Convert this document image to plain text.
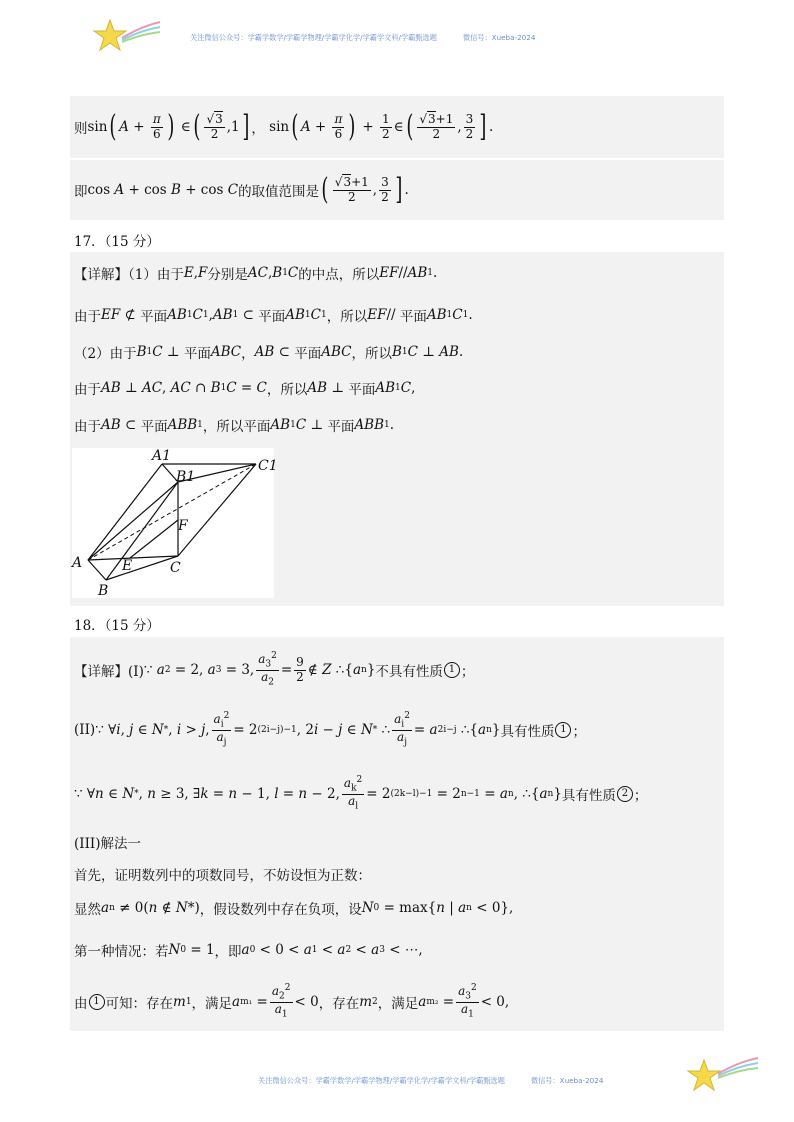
关注微信公众号：学霸学数学/学霸学物理/学霸学化学/学霸学文科/学霸甄选题	微信号：Xueba-2024
则 sin ( $A + \frac{\pi}{6}$ ) ∈ ( $\frac{√3}{2} ,1$ ] ，
sin ( $A + \frac{\pi}{6}$ ) + $\frac{1}{2}$ ∈ ( $\frac{√3+1}{2}$ , $\frac{3}{2}$ ] .
即 cos
A + cos B + cos C 的取值范围是 ( $\frac{√3+1}{2}$ , $\frac{3}{2}$ ] .
17．（15 分）
【详解】（1）由于 E , F 分别是 AC , B 1 C 的中点，所以 EF // AB 1 .
由于 EF ⊄ 平面 AB 1 C 1 , AB 1 ⊂ 平面 AB 1 C 1 ，所以 EF // 平面 AB 1 C 1 .
（2）由于 B 1 C ⊥ 平面 ABC ， AB ⊂ 平面 ABC ，所以 B 1 C ⊥ AB .
由于 AB ⊥ AC , AC ∩ B 1 C = C ，所以 AB ⊥ 平面 AB 1 C ,
由于 AB ⊂ 平面 ABB 1 ，所以平面 AB 1 C ⊥ 平面 ABB 1 .
A1
C1
B1
F
A	E	C
B
18．（15 分）
【详解】(I) ∵ a 2 = 2, a 3 = 3, $\frac{a_3^2}{a_2} = \frac{9}{2}$ ∉ Z ∴{ a n } 不具有性质 1 ；
(II) ∵ ∀ i , j ∈ N * , i > j , $\frac{a_i^2}{a_j} = 2$ (2i−j)−1 , 2 i − j ∈ N * ∴ $\frac{a_i^2}{a_j} = a$ 2i−j ∴{ a n } 具有性质 1 ；
∵ ∀ n ∈ N * , n ≥ 3, ∃ k = n − 1, l = n − 2, $\frac{a_k^2}{a_l} = 2$ (2k−l)−1 = 2 n−1 = a n , ∴{ a n } 具有性质 2 ；
(III)解法一
首先，证明数列中的项数同号，不妨设恒为正数：
显然 a n ≠ 0( n ∉ N *) ，假设数列中存在负项，设 N 0 = max{ n | a n < 0},
第一种情况：若 N 0 = 1 ，即 a 0 < 0 < a 1 < a 2 < a 3 < ⋯,
由 1 可知：存在 m 1 ，满足 a $m_1 = \frac{a_2^2}{a_1} < 0$ ，存在 m 2 ，满足 a $m_2 = \frac{a_3^2}{a_1} < 0$,
关注微信公众号：学霸学数学/学霸学物理/学霸学化学/学霸学文科/学霸甄选题	微信号：Xueba-2024
